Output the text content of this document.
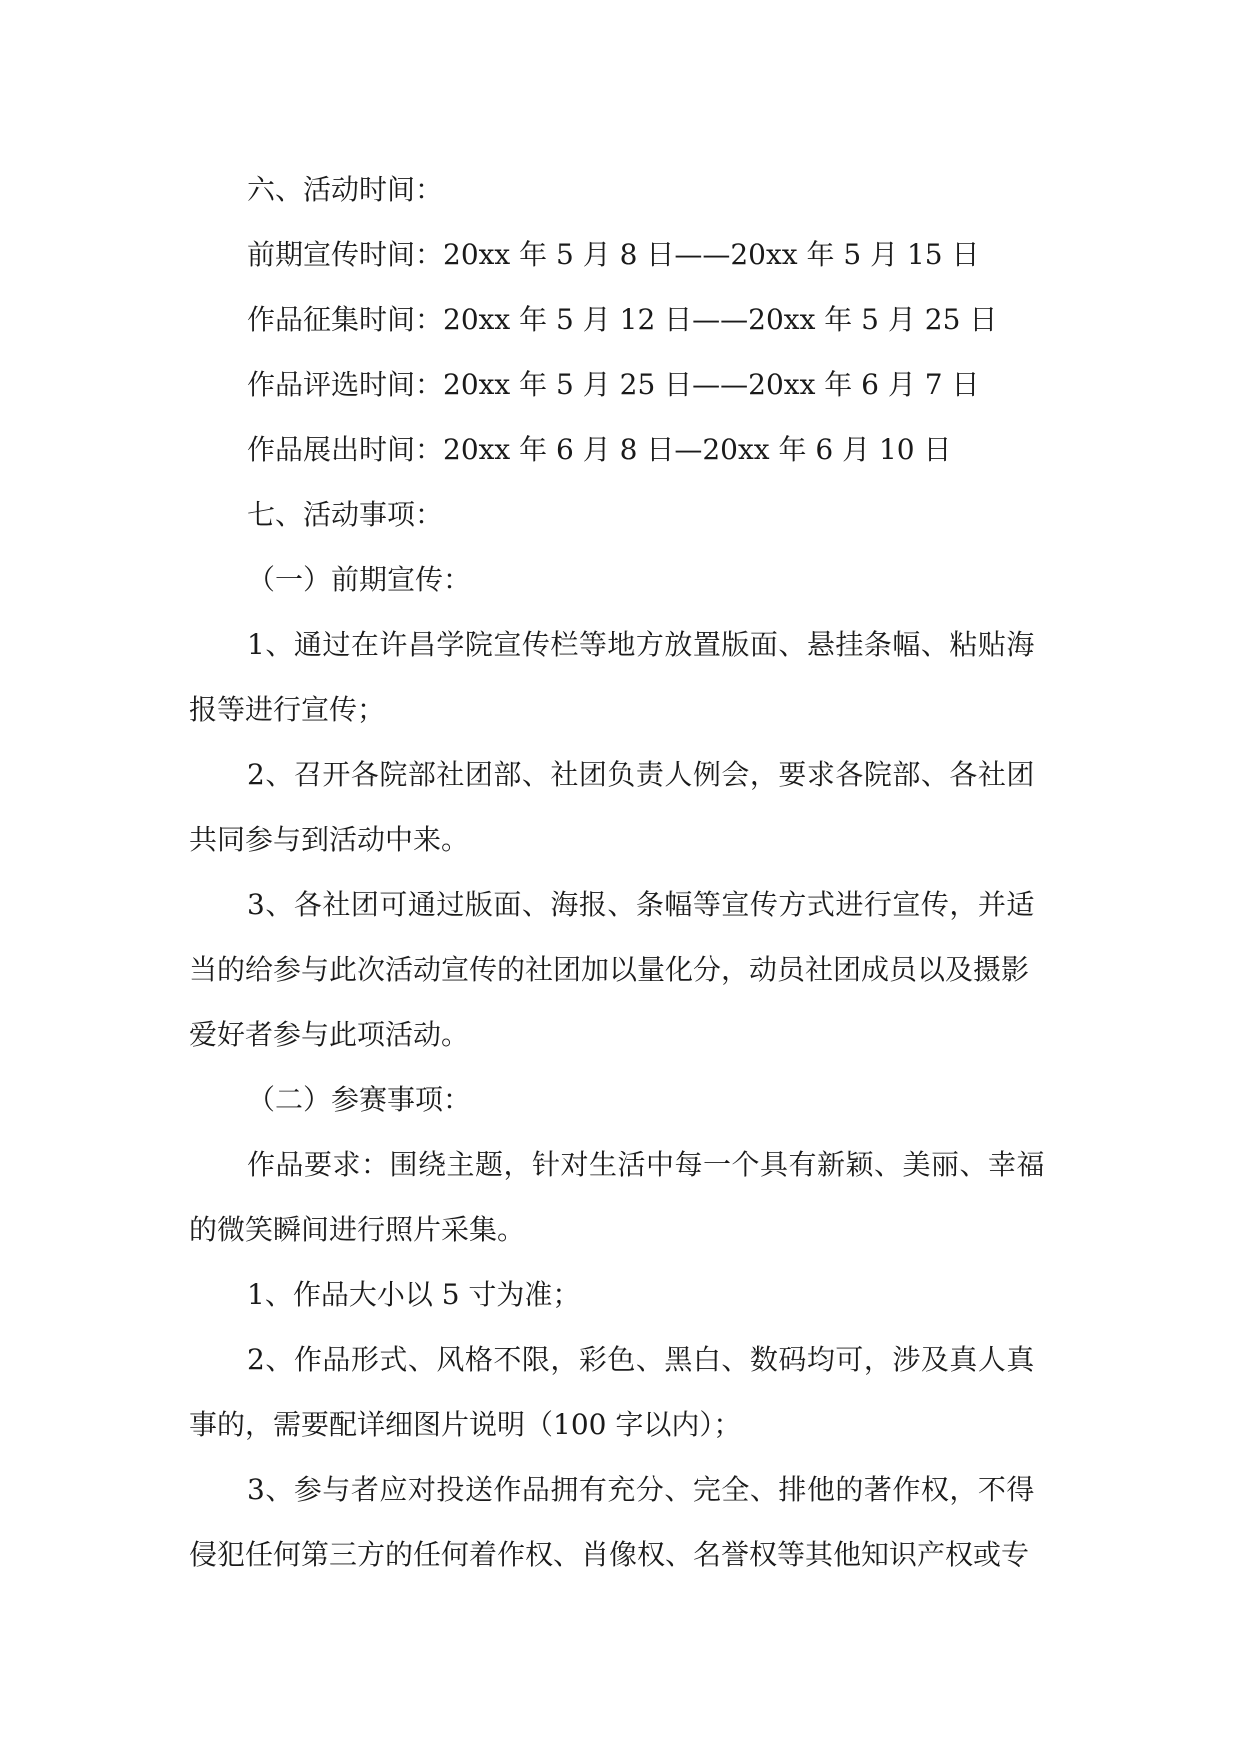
六、活动时间：

前期宣传时间：20xx 年 5 月 8 日——20xx 年 5 月 15 日

作品征集时间：20xx 年 5 月 12 日——20xx 年 5 月 25 日

作品评选时间：20xx 年 5 月 25 日——20xx 年 6 月 7 日

作品展出时间：20xx 年 6 月 8 日—20xx 年 6 月 10 日

七、活动事项：

（一）前期宣传：

1、通过在许昌学院宣传栏等地方放置版面、悬挂条幅、粘贴海

报等进行宣传；

2、召开各院部社团部、社团负责人例会，要求各院部、各社团

共同参与到活动中来。

3、各社团可通过版面、海报、条幅等宣传方式进行宣传，并适

当的给参与此次活动宣传的社团加以量化分，动员社团成员以及摄影

爱好者参与此项活动。

（二）参赛事项：

作品要求：围绕主题，针对生活中每一个具有新颖、美丽、幸福

的微笑瞬间进行照片采集。

1、作品大小以 5 寸为准；

2、作品形式、风格不限，彩色、黑白、数码均可，涉及真人真

事的，需要配详细图片说明（100 字以内）；

3、参与者应对投送作品拥有充分、完全、排他的著作权，不得

侵犯任何第三方的任何着作权、肖像权、名誉权等其他知识产权或专
